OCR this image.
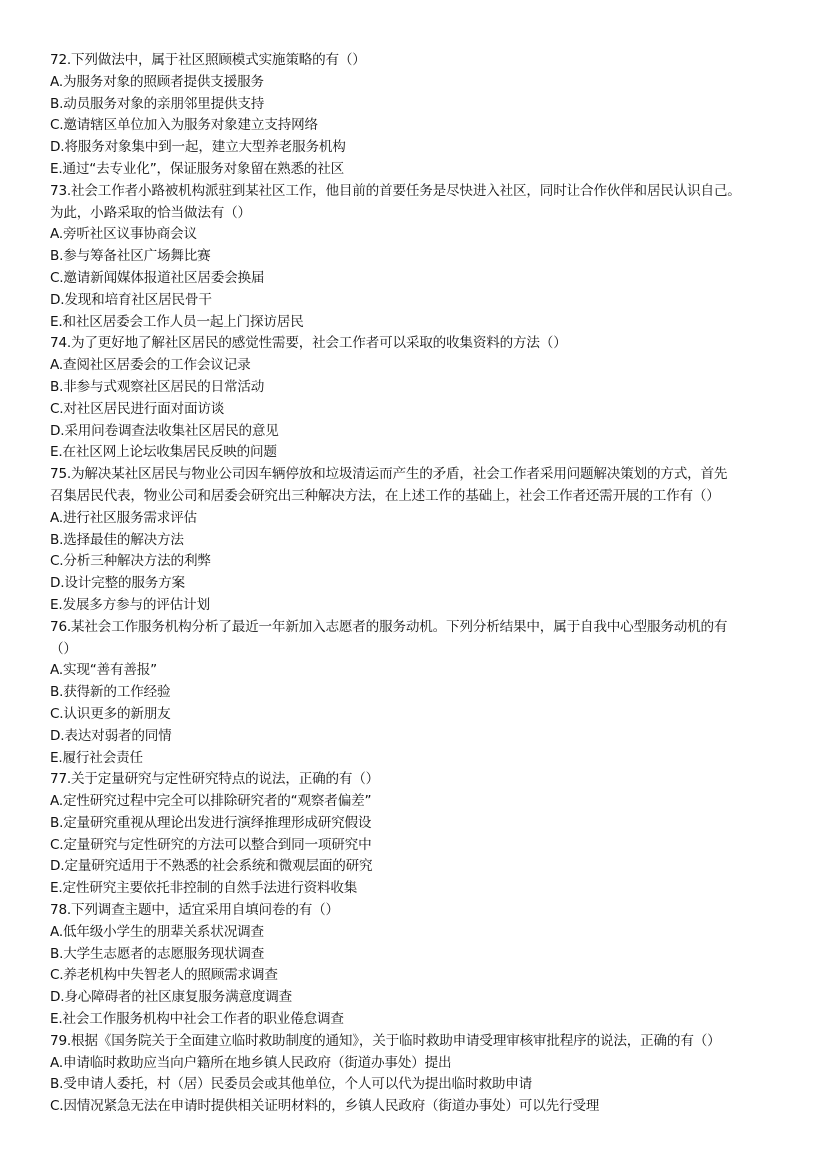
72.下列做法中，属于社区照顾模式实施策略的有（）
A.为服务对象的照顾者提供支援服务
B.动员服务对象的亲朋邻里提供支持
C.邀请辖区单位加入为服务对象建立支持网络
D.将服务对象集中到一起，建立大型养老服务机构
E.通过“去专业化”，保证服务对象留在熟悉的社区
73.社会工作者小路被机构派驻到某社区工作，他目前的首要任务是尽快进入社区，同时让合作伙伴和居民认识自己。
为此，小路采取的恰当做法有（）
A.旁听社区议事协商会议
B.参与筹备社区广场舞比赛
C.邀请新闻媒体报道社区居委会换届
D.发现和培育社区居民骨干
E.和社区居委会工作人员一起上门探访居民
74.为了更好地了解社区居民的感觉性需要，社会工作者可以采取的收集资料的方法（）
A.查阅社区居委会的工作会议记录
B.非参与式观察社区居民的日常活动
C.对社区居民进行面对面访谈
D.采用问卷调查法收集社区居民的意见
E.在社区网上论坛收集居民反映的问题
75.为解决某社区居民与物业公司因车辆停放和垃圾清运而产生的矛盾，社会工作者采用问题解决策划的方式，首先
召集居民代表，物业公司和居委会研究出三种解决方法，在上述工作的基础上，社会工作者还需开展的工作有（）
A.进行社区服务需求评估
B.选择最佳的解决方法
C.分析三种解决方法的利弊
D.设计完整的服务方案
E.发展多方参与的评估计划
76.某社会工作服务机构分析了最近一年新加入志愿者的服务动机。下列分析结果中，属于自我中心型服务动机的有
（）
A.实现“善有善报”
B.获得新的工作经验
C.认识更多的新朋友
D.表达对弱者的同情
E.履行社会责任
77.关于定量研究与定性研究特点的说法，正确的有（）
A.定性研究过程中完全可以排除研究者的“观察者偏差”
B.定量研究重视从理论出发进行演绎推理形成研究假设
C.定量研究与定性研究的方法可以整合到同一项研究中
D.定量研究适用于不熟悉的社会系统和微观层面的研究
E.定性研究主要依托非控制的自然手法进行资料收集
78.下列调查主题中，适宜采用自填问卷的有（）
A.低年级小学生的朋辈关系状况调查
B.大学生志愿者的志愿服务现状调查
C.养老机构中失智老人的照顾需求调查
D.身心障碍者的社区康复服务满意度调查
E.社会工作服务机构中社会工作者的职业倦怠调查
79.根据《国务院关于全面建立临时救助制度的通知》，关于临时救助申请受理审核审批程序的说法，正确的有（）
A.申请临时救助应当向户籍所在地乡镇人民政府（街道办事处）提出
B.受申请人委托，村（居）民委员会或其他单位，个人可以代为提出临时救助申请
C.因情况紧急无法在申请时提供相关证明材料的，乡镇人民政府（街道办事处）可以先行受理
